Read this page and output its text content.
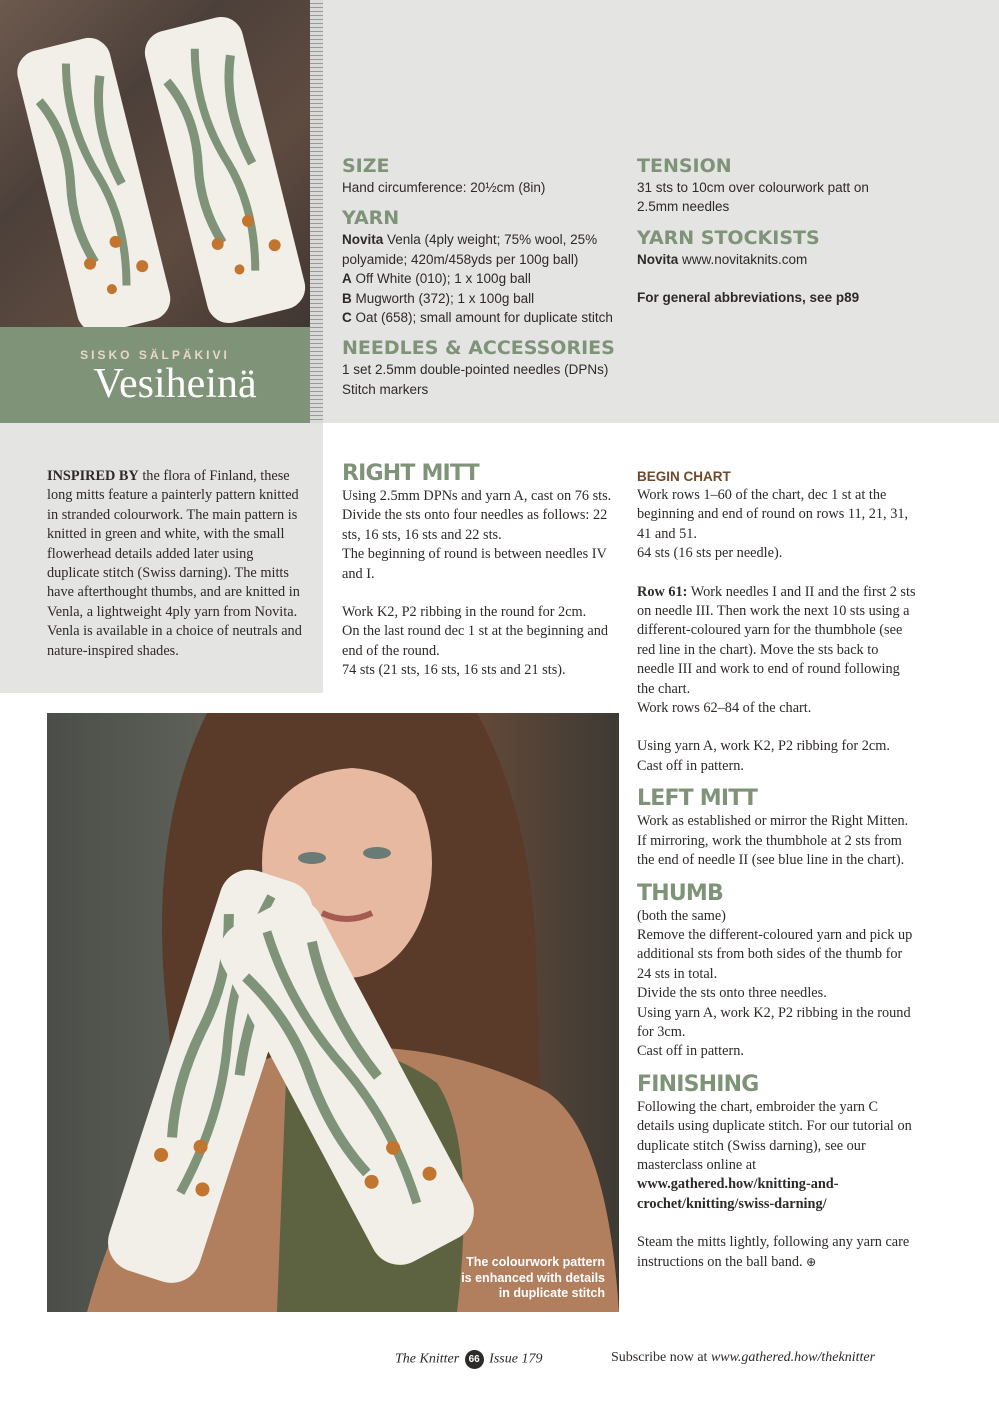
SISKO SÄLPÄKIVI
Vesiheinä
SIZE
Hand circumference: 20½cm (8in)
YARN
Novita Venla (4ply weight; 75% wool, 25% polyamide; 420m/458yds per 100g ball)
A Off White (010); 1 x 100g ball
B Mugworth (372); 1 x 100g ball
C Oat (658); small amount for duplicate stitch
NEEDLES & ACCESSORIES
1 set 2.5mm double-pointed needles (DPNs)
Stitch markers
TENSION
31 sts to 10cm over colourwork patt on 2.5mm needles
YARN STOCKISTS
Novita www.novitaknits.com
For general abbreviations, see p89
INSPIRED BY the flora of Finland, these long mitts feature a painterly pattern knitted in stranded colourwork. The main pattern is knitted in green and white, with the small flowerhead details added later using duplicate stitch (Swiss darning). The mitts have afterthought thumbs, and are knitted in Venla, a lightweight 4ply yarn from Novita. Venla is available in a choice of neutrals and nature-inspired shades.
RIGHT MITT

Using 2.5mm DPNs and yarn A, cast on 76 sts.

Divide the sts onto four needles as follows: 22 sts, 16 sts, 16 sts and 22 sts.

The beginning of round is between needles IV and I.

Work K2, P2 ribbing in the round for 2cm.

On the last round dec 1 st at the beginning and end of the round.

74 sts (21 sts, 16 sts, 16 sts and 21 sts).

BEGIN CHART

Work rows 1–60 of the chart, dec 1 st at the beginning and end of round on rows 11, 21, 31, 41 and 51.

64 sts (16 sts per needle).

Row 61: Work needles I and II and the first 2 sts on needle III. Then work the next 10 sts using a different-coloured yarn for the thumbhole (see red line in the chart). Move the sts back to needle III and work to end of round following the chart.

Work rows 62–84 of the chart.

Using yarn A, work K2, P2 ribbing for 2cm.

Cast off in pattern.

LEFT MITT

Work as established or mirror the Right Mitten.

If mirroring, work the thumbhole at 2 sts from the end of needle II (see blue line in the chart).

THUMB

(both the same)

Remove the different-coloured yarn and pick up additional sts from both sides of the thumb for 24 sts in total.

Divide the sts onto three needles.

Using yarn A, work K2, P2 ribbing in the round for 3cm.

Cast off in pattern.

FINISHING

Following the chart, embroider the yarn C details using duplicate stitch. For our tutorial on duplicate stitch (Swiss darning), see our masterclass online at

www.gathered.how/knitting-and-crochet/knitting/swiss-darning/

Steam the mitts lightly, following any yarn care instructions on the ball band. ⊕

The colourwork pattern is enhanced with details in duplicate stitch
The Knitter 66 Issue 179	Subscribe now at www.gathered.how/theknitter
